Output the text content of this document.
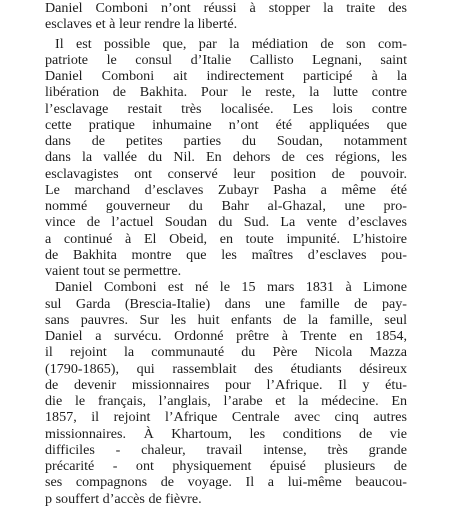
Daniel Comboni n’ont réussi à stopper la traite des
esclaves et à leur rendre la liberté.
Il est possible que, par la médiation de son com-
patriote le consul d’Italie Callisto Legnani, saint
Daniel Comboni ait indirectement participé à la
libération de Bakhita. Pour le reste, la lutte contre
l’esclavage restait très localisée. Les lois contre
cette pratique inhumaine n’ont été appliquées que
dans de petites parties du Soudan, notamment
dans la vallée du Nil. En dehors de ces régions, les
esclavagistes ont conservé leur position de pouvoir.
Le marchand d’esclaves Zubayr Pasha a même été
nommé gouverneur du Bahr al-Ghazal, une pro-
vince de l’actuel Soudan du Sud. La vente d’esclaves
a continué à El Obeid, en toute impunité. L’histoire
de Bakhita montre que les maîtres d’esclaves pou-
vaient tout se permettre.
Daniel Comboni est né le 15 mars 1831 à Limone
sul Garda (Brescia-Italie) dans une famille de pay-
sans pauvres. Sur les huit enfants de la famille, seul
Daniel a survécu. Ordonné prêtre à Trente en 1854,
il rejoint la communauté du Père Nicola Mazza
(1790-1865), qui rassemblait des étudiants désireux
de devenir missionnaires pour l’Afrique. Il y étu-
die le français, l’anglais, l’arabe et la médecine. En
1857, il rejoint l’Afrique Centrale avec cinq autres
missionnaires. À Khartoum, les conditions de vie
difficiles - chaleur, travail intense, très grande
précarité - ont physiquement épuisé plusieurs de
ses compagnons de voyage. Il a lui-même beaucou-
p souffert d’accès de fièvre.
